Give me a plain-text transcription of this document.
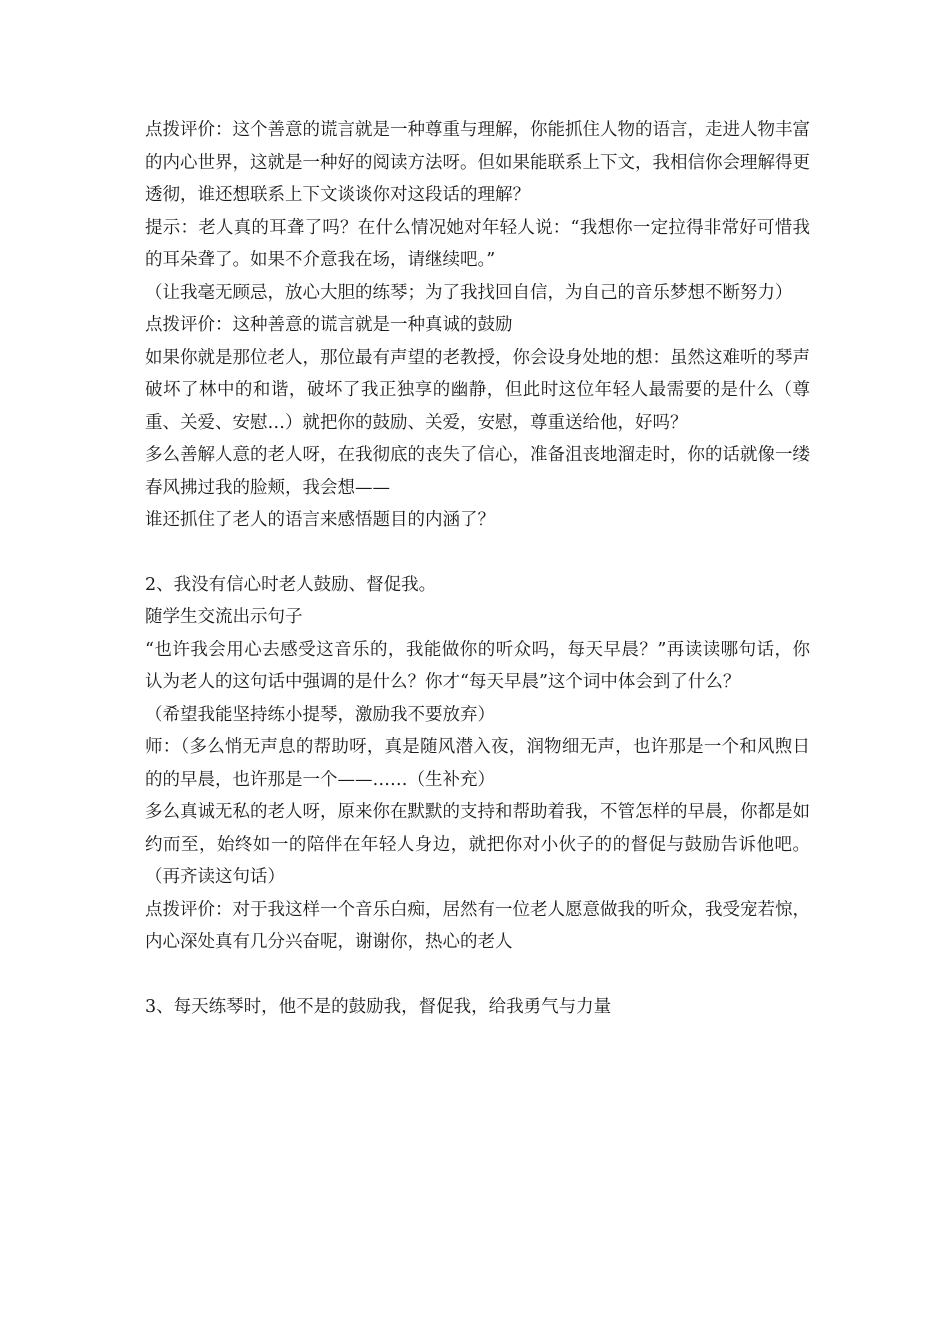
点拨评价：这个善意的谎言就是一种尊重与理解，你能抓住人物的语言，走进人物丰富的内心世界，这就是一种好的阅读方法呀。但如果能联系上下文，我相信你会理解得更透彻，谁还想联系上下文谈谈你对这段话的理解？

提示：老人真的耳聋了吗？在什么情况她对年轻人说：“我想你一定拉得非常好可惜我的耳朵聋了。如果不介意我在场，请继续吧。”

（让我毫无顾忌，放心大胆的练琴；为了我找回自信，为自己的音乐梦想不断努力）

点拨评价：这种善意的谎言就是一种真诚的鼓励

如果你就是那位老人，那位最有声望的老教授，你会设身处地的想：虽然这难听的琴声破坏了林中的和谐，破坏了我正独享的幽静，但此时这位年轻人最需要的是什么（尊重、关爱、安慰…）就把你的鼓励、关爱，安慰，尊重送给他，好吗？

多么善解人意的老人呀，在我彻底的丧失了信心，准备沮丧地溜走时，你的话就像一缕春风拂过我的脸颊，我会想——

谁还抓住了老人的语言来感悟题目的内涵了？

2、我没有信心时老人鼓励、督促我。

随学生交流出示句子

“也许我会用心去感受这音乐的，我能做你的听众吗，每天早晨？”再读读哪句话，你认为老人的这句话中强调的是什么？你才“每天早晨”这个词中体会到了什么？

（希望我能坚持练小提琴，激励我不要放弃）

师：（多么悄无声息的帮助呀，真是随风潜入夜，润物细无声，也许那是一个和风煦日的的早晨，也许那是一个——……（生补充）

多么真诚无私的老人呀，原来你在默默的支持和帮助着我，不管怎样的早晨，你都是如约而至，始终如一的陪伴在年轻人身边，就把你对小伙子的的督促与鼓励告诉他吧。（再齐读这句话）

点拨评价：对于我这样一个音乐白痴，居然有一位老人愿意做我的听众，我受宠若惊，内心深处真有几分兴奋呢，谢谢你，热心的老人

3、每天练琴时，他不是的鼓励我，督促我，给我勇气与力量
